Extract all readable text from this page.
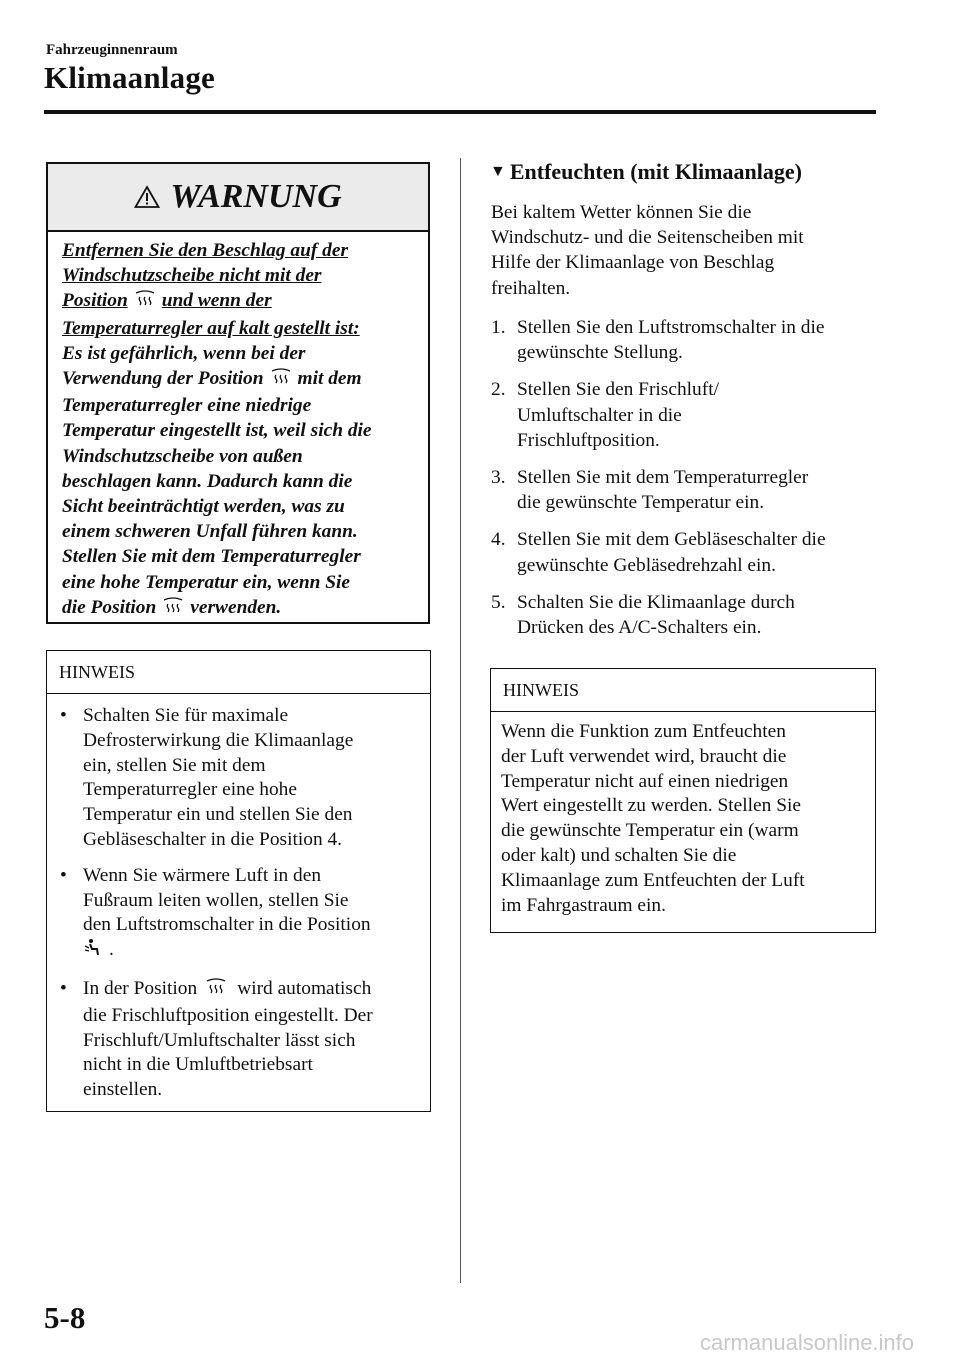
Fahrzeuginnenraum
Klimaanlage
WARNUNG
Entfernen Sie den Beschlag auf der
Windschutzscheibe nicht mit der
Position und wenn der
Temperaturregler auf kalt gestellt ist:
Es ist gefährlich, wenn bei der
Verwendung der Position mit dem
Temperaturregler eine niedrige
Temperatur eingestellt ist, weil sich die
Windschutzscheibe von außen
beschlagen kann. Dadurch kann die
Sicht beeinträchtigt werden, was zu
einem schweren Unfall führen kann.
Stellen Sie mit dem Temperaturregler
eine hohe Temperatur ein, wenn Sie
die Position verwenden.
HINWEIS
• Schalten Sie für maximale
Defrosterwirkung die Klimaanlage
ein, stellen Sie mit dem
Temperaturregler eine hohe
Temperatur ein und stellen Sie den
Gebläseschalter in die Position 4.
• Wenn Sie wärmere Luft in den
Fußraum leiten wollen, stellen Sie
den Luftstromschalter in die Position
.
• In der Position wird automatisch
die Frischluftposition eingestellt. Der
Frischluft/Umluftschalter lässt sich
nicht in die Umluftbetriebsart
einstellen.
▼ Entfeuchten (mit Klimaanlage)
Bei kaltem Wetter können Sie die
Windschutz- und die Seitenscheiben mit
Hilfe der Klimaanlage von Beschlag
freihalten.
1. Stellen Sie den Luftstromschalter in die
gewünschte Stellung.
2. Stellen Sie den Frischluft/
Umluftschalter in die
Frischluftposition.
3. Stellen Sie mit dem Temperaturregler
die gewünschte Temperatur ein.
4. Stellen Sie mit dem Gebläseschalter die
gewünschte Gebläsedrehzahl ein.
5. Schalten Sie die Klimaanlage durch
Drücken des A/C-Schalters ein.
HINWEIS
Wenn die Funktion zum Entfeuchten
der Luft verwendet wird, braucht die
Temperatur nicht auf einen niedrigen
Wert eingestellt zu werden. Stellen Sie
die gewünschte Temperatur ein (warm
oder kalt) und schalten Sie die
Klimaanlage zum Entfeuchten der Luft
im Fahrgastraum ein.
5-8
carmanualsonline.info
